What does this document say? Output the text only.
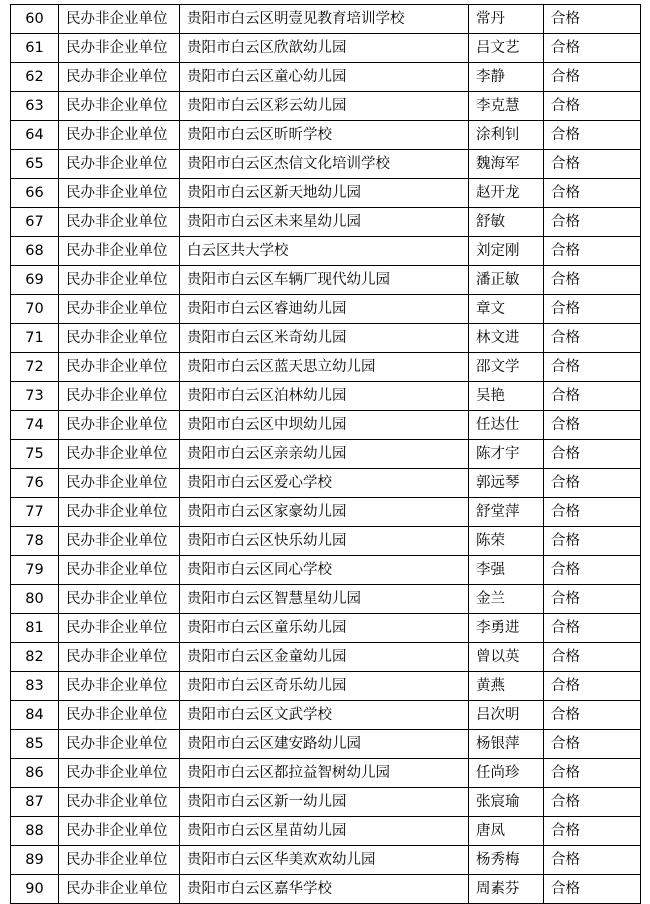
60	民办非企业单位	贵阳市白云区明壹见教育培训学校	常丹	合格
61	民办非企业单位	贵阳市白云区欣歆幼儿园	吕文艺	合格
62	民办非企业单位	贵阳市白云区童心幼儿园	李静	合格
63	民办非企业单位	贵阳市白云区彩云幼儿园	李克慧	合格
64	民办非企业单位	贵阳市白云区昕昕学校	涂利钊	合格
65	民办非企业单位	贵阳市白云区杰信文化培训学校	魏海军	合格
66	民办非企业单位	贵阳市白云区新天地幼儿园	赵开龙	合格
67	民办非企业单位	贵阳市白云区未来星幼儿园	舒敏	合格
68	民办非企业单位	白云区共大学校	刘定刚	合格
69	民办非企业单位	贵阳市白云区车辆厂现代幼儿园	潘正敏	合格
70	民办非企业单位	贵阳市白云区睿迪幼儿园	章文	合格
71	民办非企业单位	贵阳市白云区米奇幼儿园	林文进	合格
72	民办非企业单位	贵阳市白云区蓝天思立幼儿园	邵文学	合格
73	民办非企业单位	贵阳市白云区泊林幼儿园	吴艳	合格
74	民办非企业单位	贵阳市白云区中坝幼儿园	任达仕	合格
75	民办非企业单位	贵阳市白云区亲亲幼儿园	陈才宇	合格
76	民办非企业单位	贵阳市白云区爱心学校	郭远琴	合格
77	民办非企业单位	贵阳市白云区家豪幼儿园	舒堂萍	合格
78	民办非企业单位	贵阳市白云区快乐幼儿园	陈荣	合格
79	民办非企业单位	贵阳市白云区同心学校	李强	合格
80	民办非企业单位	贵阳市白云区智慧星幼儿园	金兰	合格
81	民办非企业单位	贵阳市白云区童乐幼儿园	李勇进	合格
82	民办非企业单位	贵阳市白云区金童幼儿园	曾以英	合格
83	民办非企业单位	贵阳市白云区奇乐幼儿园	黄燕	合格
84	民办非企业单位	贵阳市白云区文武学校	吕次明	合格
85	民办非企业单位	贵阳市白云区建安路幼儿园	杨银萍	合格
86	民办非企业单位	贵阳市白云区都拉益智树幼儿园	任尚珍	合格
87	民办非企业单位	贵阳市白云区新一幼儿园	张宸瑜	合格
88	民办非企业单位	贵阳市白云区星苗幼儿园	唐凤	合格
89	民办非企业单位	贵阳市白云区华美欢欢幼儿园	杨秀梅	合格
90	民办非企业单位	贵阳市白云区嘉华学校	周素芬	合格
